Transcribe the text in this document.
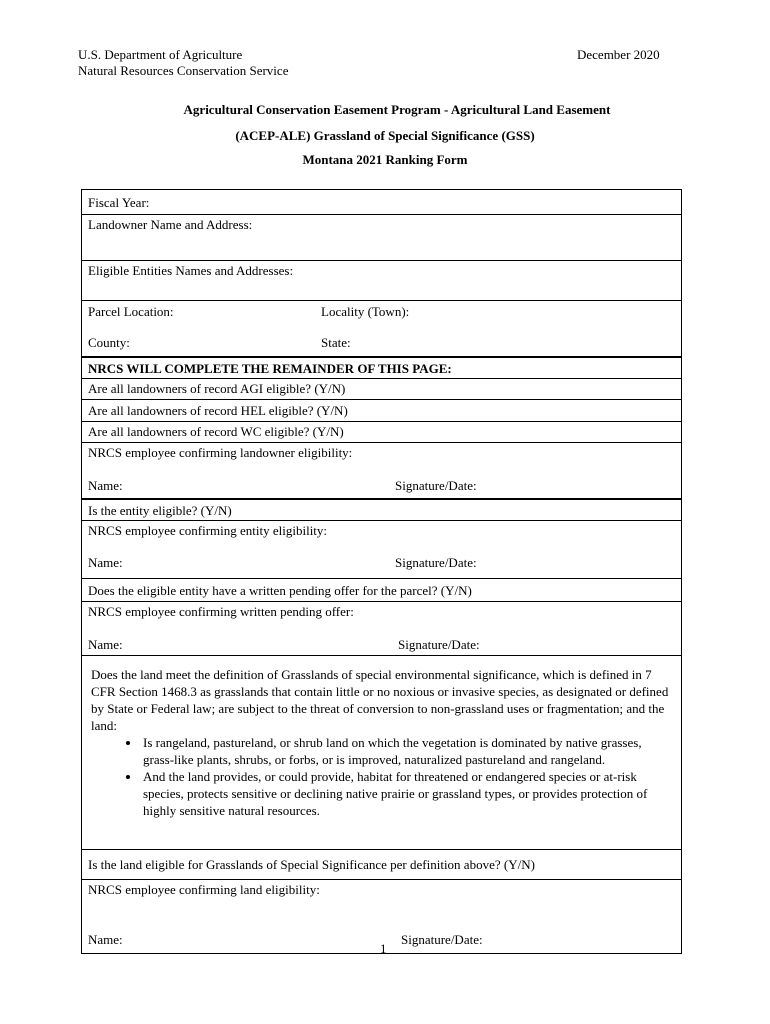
U.S. Department of Agriculture
Natural Resources Conservation Service
December 2020
Agricultural Conservation Easement Program - Agricultural Land Easement
(ACEP-ALE) Grassland of Special Significance (GSS)
Montana 2021 Ranking Form
Fiscal Year:
Landowner Name and Address:
Eligible Entities Names and Addresses:
Parcel Location:	Locality (Town):
County:	State:
NRCS WILL COMPLETE THE REMAINDER OF THIS PAGE:
Are all landowners of record AGI eligible? (Y/N)
Are all landowners of record HEL eligible? (Y/N)
Are all landowners of record WC eligible? (Y/N)
NRCS employee confirming landowner eligibility:
Name:	Signature/Date:
Is the entity eligible? (Y/N)
NRCS employee confirming entity eligibility:
Name:	Signature/Date:
Does the eligible entity have a written pending offer for the parcel? (Y/N)
NRCS employee confirming written pending offer:
Name:	Signature/Date:

Does the land meet the definition of Grasslands of special environmental significance, which is defined in 7 CFR Section 1468.3 as grasslands that contain little or no noxious or invasive species, as designated or defined by State or Federal law; are subject to the threat of conversion to non-grassland uses or fragmentation; and the land:

• Is rangeland, pastureland, or shrub land on which the vegetation is dominated by native grasses, grass-like plants, shrubs, or forbs, or is improved, naturalized pastureland and rangeland.
• And the land provides, or could provide, habitat for threatened or endangered species or at-risk species, protects sensitive or declining native prairie or grassland types, or provides protection of highly sensitive natural resources.
Is the land eligible for Grasslands of Special Significance per definition above? (Y/N)
NRCS employee confirming land eligibility:
Name:	Signature/Date:
1
